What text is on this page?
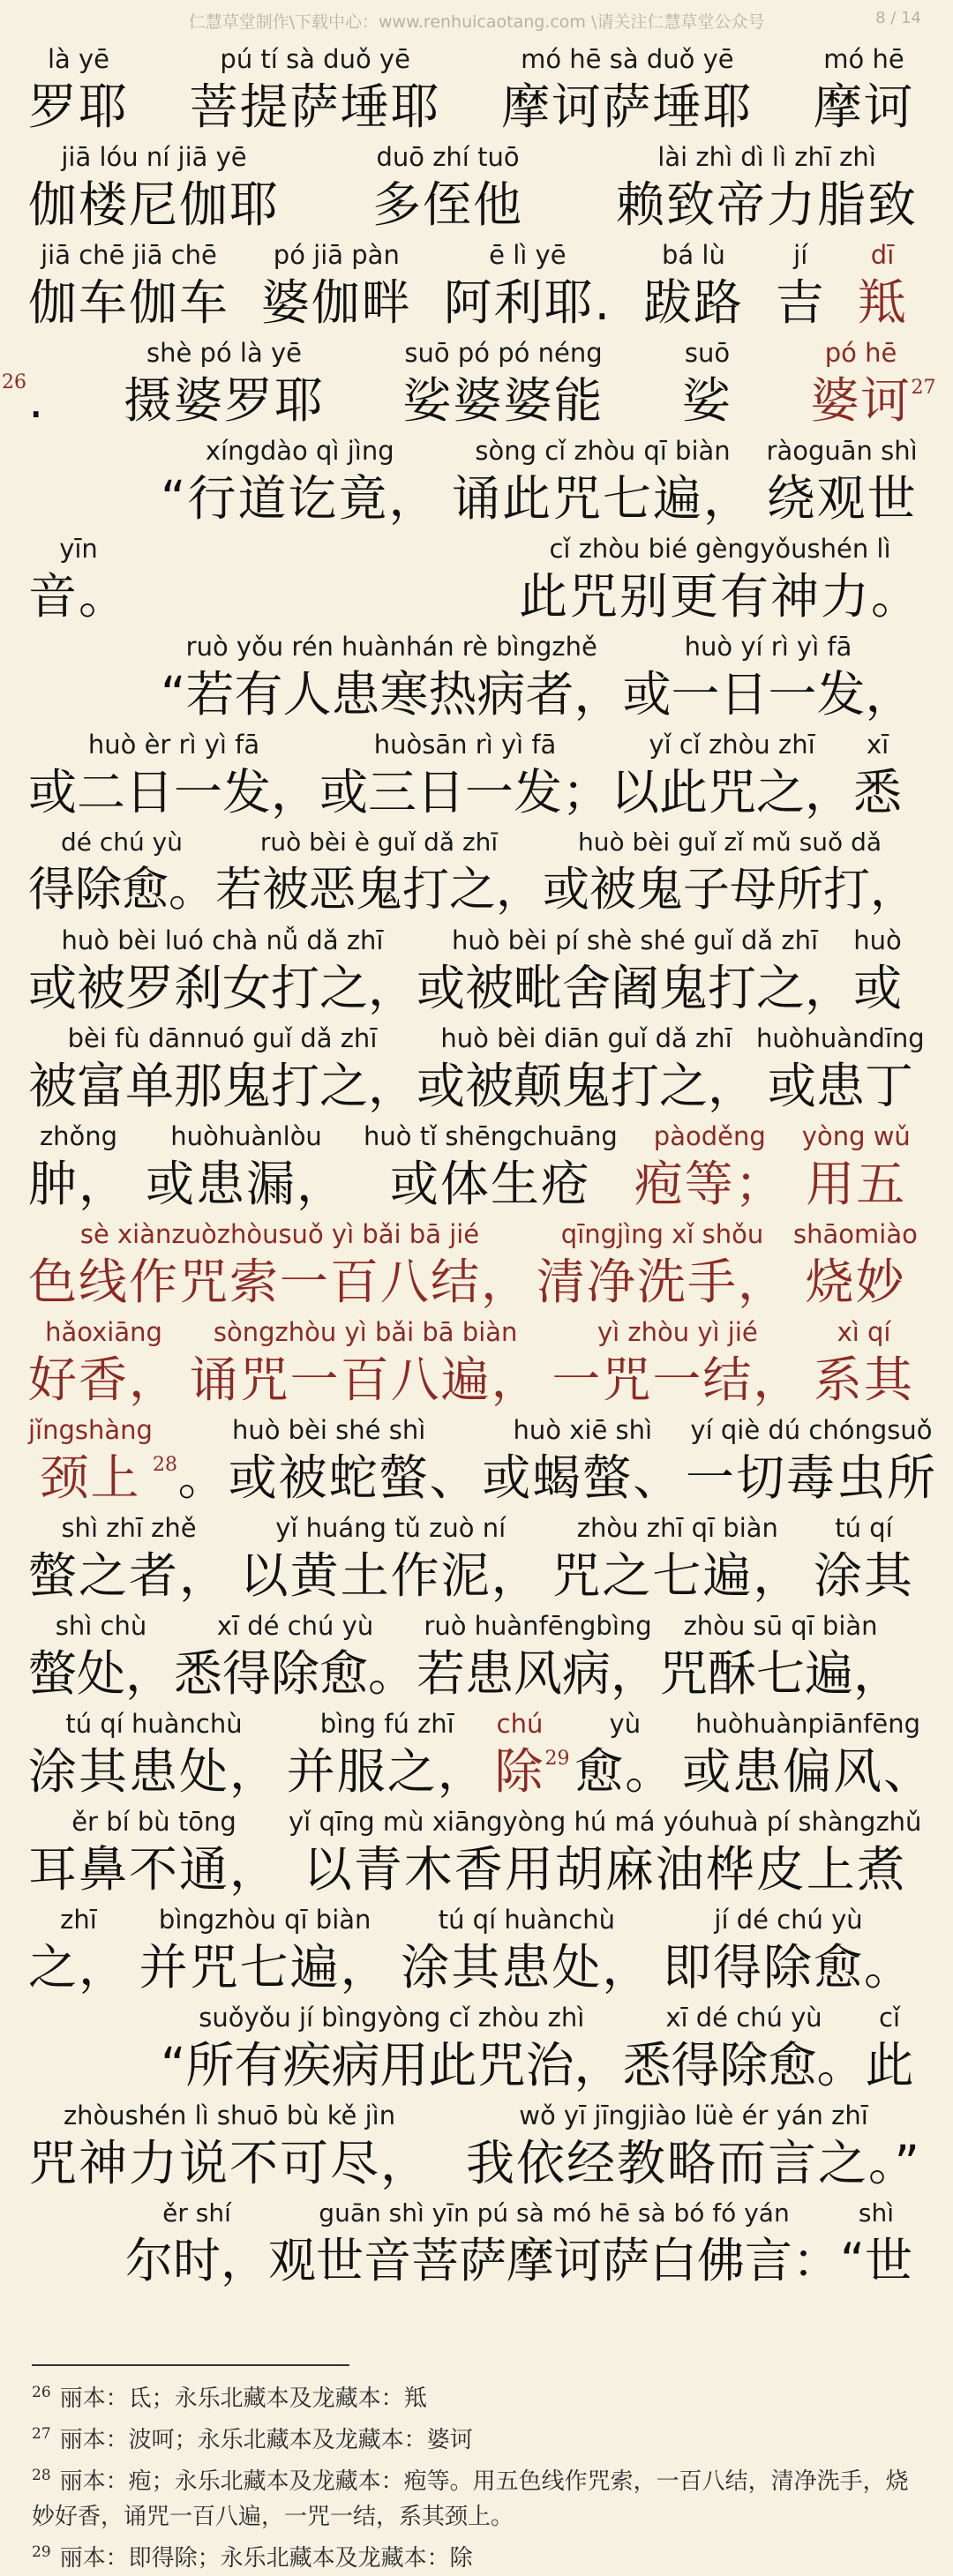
仁慧草堂制作\下载中心：www.renhuicaotang.com \请关注仁慧草堂公众号	8 / 14
là yē
罗耶
pú tí sà duǒ yē
菩提萨埵耶
mó hē sà duǒ yē
摩诃萨埵耶
mó hē
摩诃
jiā lóu ní jiā yē
伽楼尼伽耶
duō zhí tuō
多侄他
lài zhì dì lì zhī zhì
赖致帝力脂致
jiā chē jiā chē
伽车伽车
pó jiā pàn
婆伽畔
ē lì yē
阿利耶.
bá lù
跋路
jí
吉
dī
羝
26 .
shè pó là yē
摄婆罗耶
suō pó pó néng
娑婆婆能
suō
娑
pó hē
婆诃 27
xíngdào qì jìng
“行道讫竟，
sòng cǐ zhòu qī biàn
诵此咒七遍，
ràoguān shì
绕观世
yīn
音。
cǐ zhòu bié gèngyǒushén lì
此咒别更有神力。
ruò yǒu rén huànhán rè bìngzhě
“若有人患寒热病者，
huò yí rì yì fā
或一日一发，
huò èr rì yì fā
或二日一发，
huòsān rì yì fā
或三日一发；
yǐ cǐ zhòu zhī
以此咒之，
xī
悉
dé chú yù
得除愈。
ruò bèi è guǐ dǎ zhī
若被恶鬼打之，
huò bèi guǐ zǐ mǔ suǒ dǎ
或被鬼子母所打，
huò bèi luó chà nǚ dǎ zhī
或被罗刹女打之，
huò bèi pí shè shé guǐ dǎ zhī
或被毗舍阇鬼打之，
huò
或
bèi fù dānnuó guǐ dǎ zhī
被富单那鬼打之，
huò bèi diān guǐ dǎ zhī
或被颠鬼打之，
huòhuàndīng
或患丁
zhǒng
肿，
huòhuànlòu
或患漏，
huò tǐ shēngchuāng
或体生疮
pàoděng
疱等；
yòng wǔ
用五
sè xiànzuòzhòusuǒ yì bǎi bā jié
色线作咒索一百八结，
qīngjìng xǐ shǒu
清净洗手，
shāomiào
烧妙
hǎoxiāng
好香，
sòngzhòu yì bǎi bā biàn
诵咒一百八遍，
yì zhòu yì jié
一咒一结，
xì qí
系其
jǐngshàng
颈上 28
huò bèi shé shì
。或被蛇螫、
huò xiē shì
或蝎螫、
yí qiè dú chóngsuǒ
一切毒虫所
shì zhī zhě
螫之者，
yǐ huáng tǔ zuò ní
以黄土作泥，
zhòu zhī qī biàn
咒之七遍，
tú qí
涂其
shì chù
螫处，
xī dé chú yù
悉得除愈。
ruò huànfēngbìng
若患风病，
zhòu sū qī biàn
咒酥七遍，
tú qí huànchù
涂其患处，
bìng fú zhī
并服之，
chú
除 29
yù
愈。
huòhuànpiānfēng
或患偏风、
ěr bí bù tōng
耳鼻不通，
yǐ qīng mù xiāngyòng hú má yóuhuà pí shàngzhǔ
以青木香用胡麻油桦皮上煮
zhī
之，
bìngzhòu qī biàn
并咒七遍，
tú qí huànchù
涂其患处，
jí dé chú yù
即得除愈。
suǒyǒu jí bìngyòng cǐ zhòu zhì
“所有疾病用此咒治，
xī dé chú yù
悉得除愈。
cǐ
此
zhòushén lì shuō bù kě jìn
咒神力说不可尽，
wǒ yī jīngjiào lüè ér yán zhī
我依经教略而言之。”
ěr shí
尔时，
guān shì yīn pú sà mó hē sà bó fó yán
观世音菩萨摩诃萨白佛言：
shì
“世
$^{26}$ 丽本：氐；永乐北藏本及龙藏本：羝
$^{27}$ 丽本：波呵；永乐北藏本及龙藏本：婆诃
$^{28}$ 丽本：疱；永乐北藏本及龙藏本：疱等。用五色线作咒索，一百八结，清净洗手，烧妙好香，诵咒一百八遍，一咒一结，系其颈上。
$^{29}$ 丽本：即得除；永乐北藏本及龙藏本：除
